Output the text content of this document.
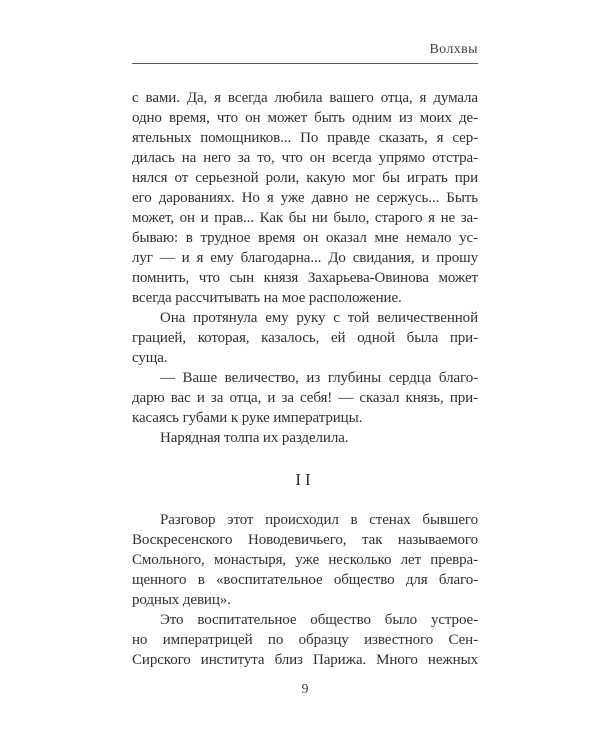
Волхвы
с вами. Да, я всегда любила вашего отца, я думала
одно время, что он может быть одним из моих де-
ятельных помощников... По правде сказать, я сер-
дилась на него за то, что он всегда упрямо отстра-
нялся от серьезной роли, какую мог бы играть при
его дарованиях. Но я уже давно не сержусь... Быть
может, он и прав... Как бы ни было, старого я не за-
бываю: в трудное время он оказал мне немало ус-
луг — и я ему благодарна... До свидания, и прошу
помнить, что сын князя Захарьева-Овинова может
всегда рассчитывать на мое расположение.
Она протянула ему руку с той величественной
грацией, которая, казалось, ей одной была при-
суща.
— Ваше величество, из глубины сердца благо-
дарю вас и за отца, и за себя! — сказал князь, при-
касаясь губами к руке императрицы.
Нарядная толпа их разделила.
II
Разговор этот происходил в стенах бывшего
Воскресенского Новодевичьего, так называемого
Смольного, монастыря, уже несколько лет превра-
щенного в «воспитательное общество для благо-
родных девиц».
Это воспитательное общество было устрое-
но императрицей по образцу известного Сен-
Сирского института близ Парижа. Много нежных
9
